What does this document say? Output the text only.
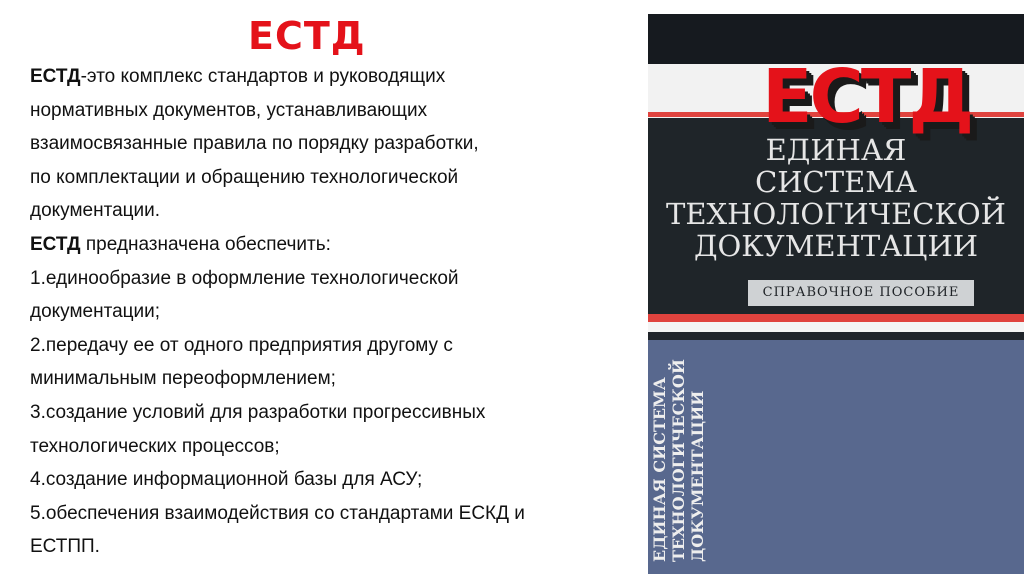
ЕСТД

ЕСТД-это комплекс стандартов и руководящих

нормативных документов, устанавливающих

взаимосвязанные правила по порядку разработки,

по комплектации и обращению технологической

документации.

ЕСТД предназначена обеспечить:

1.единообразие в оформление технологической

документации;

2.передачу ее от одного предприятия другому с

минимальным переоформлением;

3.создание условий для разработки прогрессивных

технологических процессов;

4.создание информационной базы для АСУ;

5.обеспечения взаимодействия со стандартами ЕСКД и

ЕСТПП.

ЕСТД
ЕДИНАЯ
СИСТЕМА
ТЕХНОЛОГИЧЕСКОЙ
ДОКУМЕНТАЦИИ
СПРАВОЧНОЕ ПОСОБИЕ
ЕДИНАЯ СИСТЕМА ТЕХНОЛОГИЧЕСКОЙ ДОКУМЕНТАЦИИ
